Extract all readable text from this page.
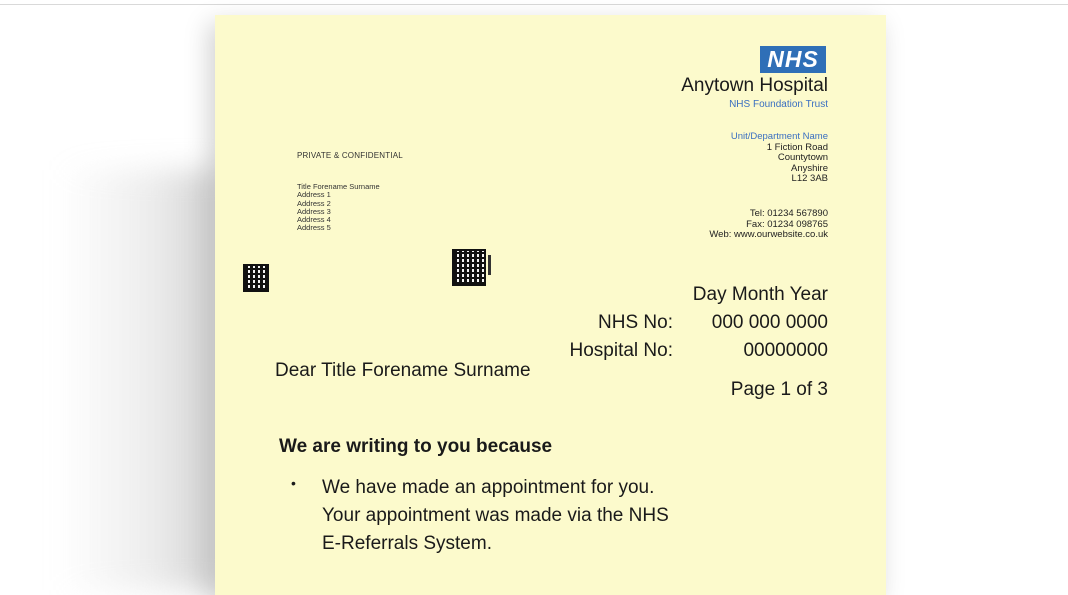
NHS
Anytown Hospital
NHS Foundation Trust
Unit/Department Name
1 Fiction Road
Countytown
Anyshire
L12 3AB
Tel: 01234 567890
Fax: 01234 098765
Web: www.ourwebsite.co.uk
PRIVATE & CONFIDENTIAL
Title Forename Surname
Address 1
Address 2
Address 3
Address 4
Address 5
Day Month Year
NHS No: 000 000 0000
Hospital No:	00000000
Dear Title Forename Surname
Page 1 of 3
We are writing to you because
• We have made an appointment for you.
Your appointment was made via the NHS
E-Referrals System.
